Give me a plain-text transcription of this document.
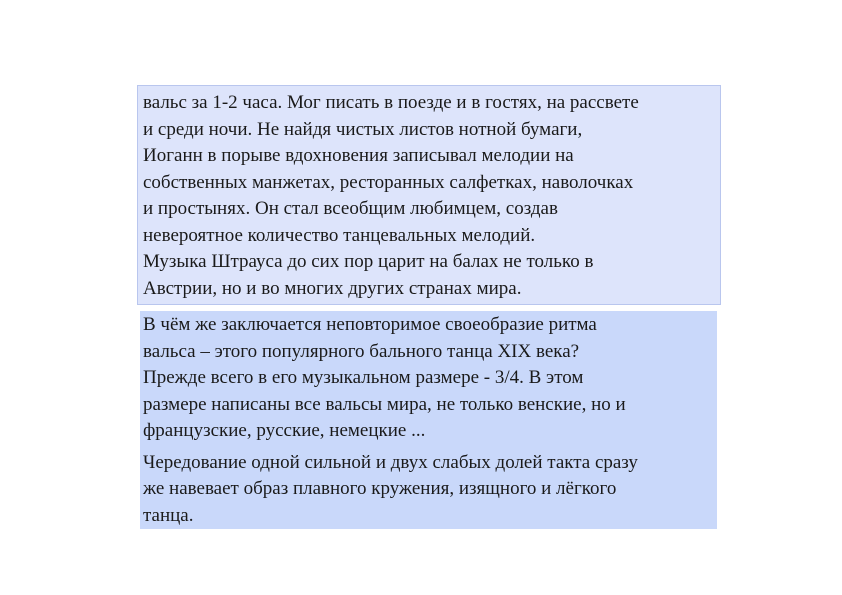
вальс за 1-2 часа. Мог писать в поезде и в гостях, на рассвете
и среди ночи. Не найдя чистых листов нотной бумаги,
Иоганн в порыве вдохновения записывал мелодии на
собственных манжетах, ресторанных салфетках, наволочках
и простынях. Он стал всеобщим любимцем, создав
невероятное количество танцевальных мелодий.
Музыка Штрауса до сих пор царит на балах не только в
Австрии, но и во многих других странах мира.
В чём же заключается неповторимое своеобразие ритма
вальса – этого популярного бального танца XIX века?
Прежде всего в его музыкальном размере - 3/4. В этом
размере написаны все вальсы мира, не только венские, но и
французские, русские, немецкие ...
Чередование одной сильной и двух слабых долей такта сразу
же навевает образ плавного кружения, изящного и лёгкого
танца.
